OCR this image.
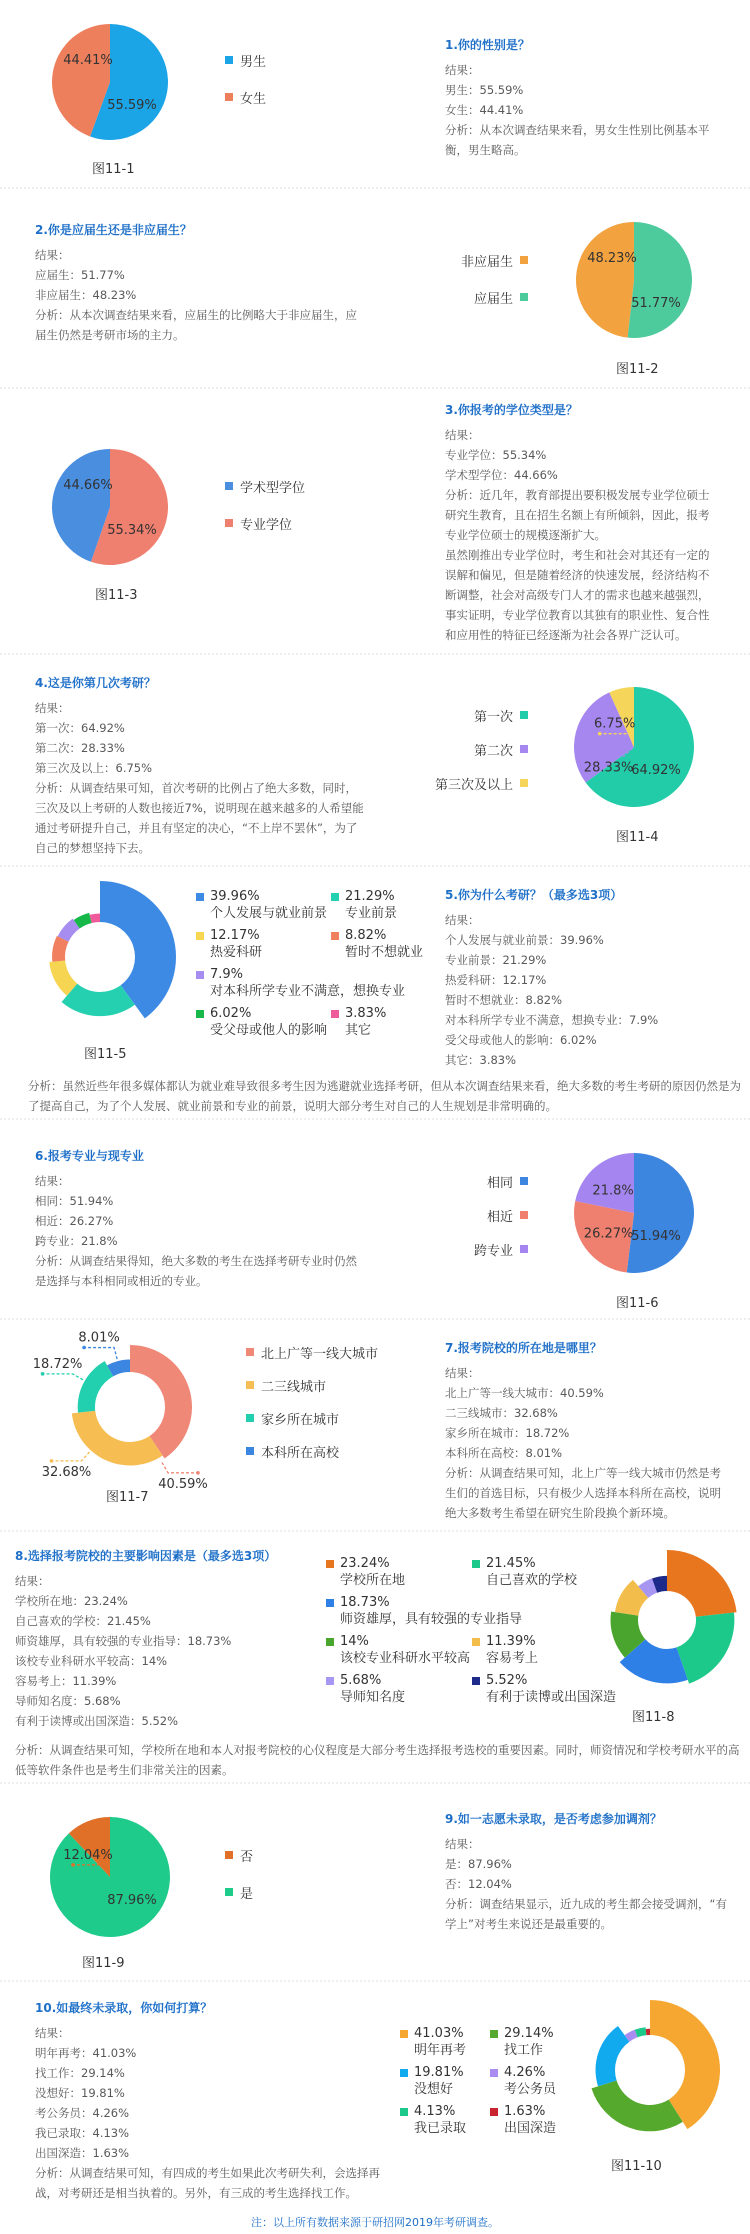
55.59%
44.41%	男生
女生
图11-1
1.你的性别是？
结果：
男生：55.59%
女生：44.41%
分析：从本次调查结果来看，男女生性别比例基本平衡，男生略高。
2.你是应届生还是非应届生？
结果：
应届生：51.77%
非应届生：48.23%
分析：从本次调查结果来看，应届生的比例略大于非应届生，应届生仍然是考研市场的主力。
非应届生
应届生	51.77%
48.23%
图11-2
55.34%
44.66%	学术型学位
专业学位
图11-3
3.你报考的学位类型是？
结果：
专业学位：55.34%
学术型学位：44.66%
分析：近几年，教育部提出要积极发展专业学位硕士研究生教育，且在招生名额上有所倾斜，因此，报考专业学位硕士的规模逐渐扩大。
虽然刚推出专业学位时，考生和社会对其还有一定的误解和偏见，但是随着经济的快速发展，经济结构不断调整，社会对高级专门人才的需求也越来越强烈，事实证明，专业学位教育以其独有的职业性、复合性和应用性的特征已经逐渐为社会各界广泛认可。
4.这是你第几次考研？
结果：
第一次：64.92%
第二次：28.33%
第三次及以上：6.75%
分析：从调查结果可知，首次考研的比例占了绝大多数，同时，三次及以上考研的人数也接近7%，说明现在越来越多的人希望能通过考研提升自己，并且有坚定的决心，“不上岸不罢休”，为了自己的梦想坚持下去。
第一次
第二次
第三次及以上
64.92%
28.33%
6.75%
图11-4
39.96%
个人发展与就业前景
21.29%
专业前景
12.17%
热爱科研
8.82%
暂时不想就业
7.9%
对本科所学专业不满意，想换专业
6.02%
受父母或他人的影响
3.83%
其它
图11-5
5.你为什么考研？（最多选3项）
结果：
个人发展与就业前景：39.96%
专业前景：21.29%
热爱科研：12.17%
暂时不想就业：8.82%
对本科所学专业不满意，想换专业：7.9%
受父母或他人的影响：6.02%
其它：3.83%
分析：虽然近些年很多媒体都认为就业难导致很多考生因为逃避就业选择考研，但从本次调查结果来看，绝大多数的考生考研的原因仍然是为了提高自己，为了个人发展、就业前景和专业的前景，说明大部分考生对自己的人生规划是非常明确的。
6.报考专业与现专业
结果：
相同：51.94%
相近：26.27%
跨专业：21.8%
分析：从调查结果得知，绝大多数的考生在选择考研专业时仍然是选择与本科相同或相近的专业。
相同
相近
跨专业
51.94%
26.27%
21.8%
图11-6
40.59%
32.68%
18.72%
8.01%
北上广等一线大城市
二三线城市
家乡所在城市
本科所在高校
图11-7
7.报考院校的所在地是哪里？
结果：
北上广等一线大城市：40.59%
二三线城市：32.68%
家乡所在城市：18.72%
本科所在高校：8.01%
分析：从调查结果可知，北上广等一线大城市仍然是考生们的首选目标，只有极少人选择本科所在高校，说明绝大多数考生希望在研究生阶段换个新环境。
8.选择报考院校的主要影响因素是（最多选3项）
结果：
学校所在地：23.24%
自己喜欢的学校：21.45%
师资雄厚，具有较强的专业指导：18.73%
该校专业科研水平较高：14%
容易考上：11.39%
导师知名度：5.68%
有利于读博或出国深造：5.52%
23.24%
学校所在地
21.45%
自己喜欢的学校
18.73%
师资雄厚，具有较强的专业指导
14%
该校专业科研水平较高
11.39%
容易考上
5.68%
导师知名度
5.52%
有利于读博或出国深造
图11-8
分析：从调查结果可知，学校所在地和本人对报考院校的心仪程度是大部分考生选择报考选校的重要因素。同时，师资情况和学校考研水平的高低等软件条件也是考生们非常关注的因素。
87.96%
12.04%	否
是
图11-9
9.如一志愿未录取，是否考虑参加调剂？
结果：
是：87.96%
否：12.04%
分析：调查结果显示，近九成的考生都会接受调剂，“有学上”对考生来说还是最重要的。
10.如最终未录取，你如何打算？
结果：
明年再考：41.03%
找工作：29.14%
没想好：19.81%
考公务员：4.26%
我已录取：4.13%
出国深造：1.63%
分析：从调查结果可知，有四成的考生如果此次考研失利，会选择再战，对考研还是相当执着的。另外，有三成的考生选择找工作。
41.03%
明年再考
29.14%
找工作
19.81%
没想好
4.26%
考公务员
4.13%
我已录取
1.63%
出国深造
图11-10
注：以上所有数据来源于研招网2019年考研调查。
